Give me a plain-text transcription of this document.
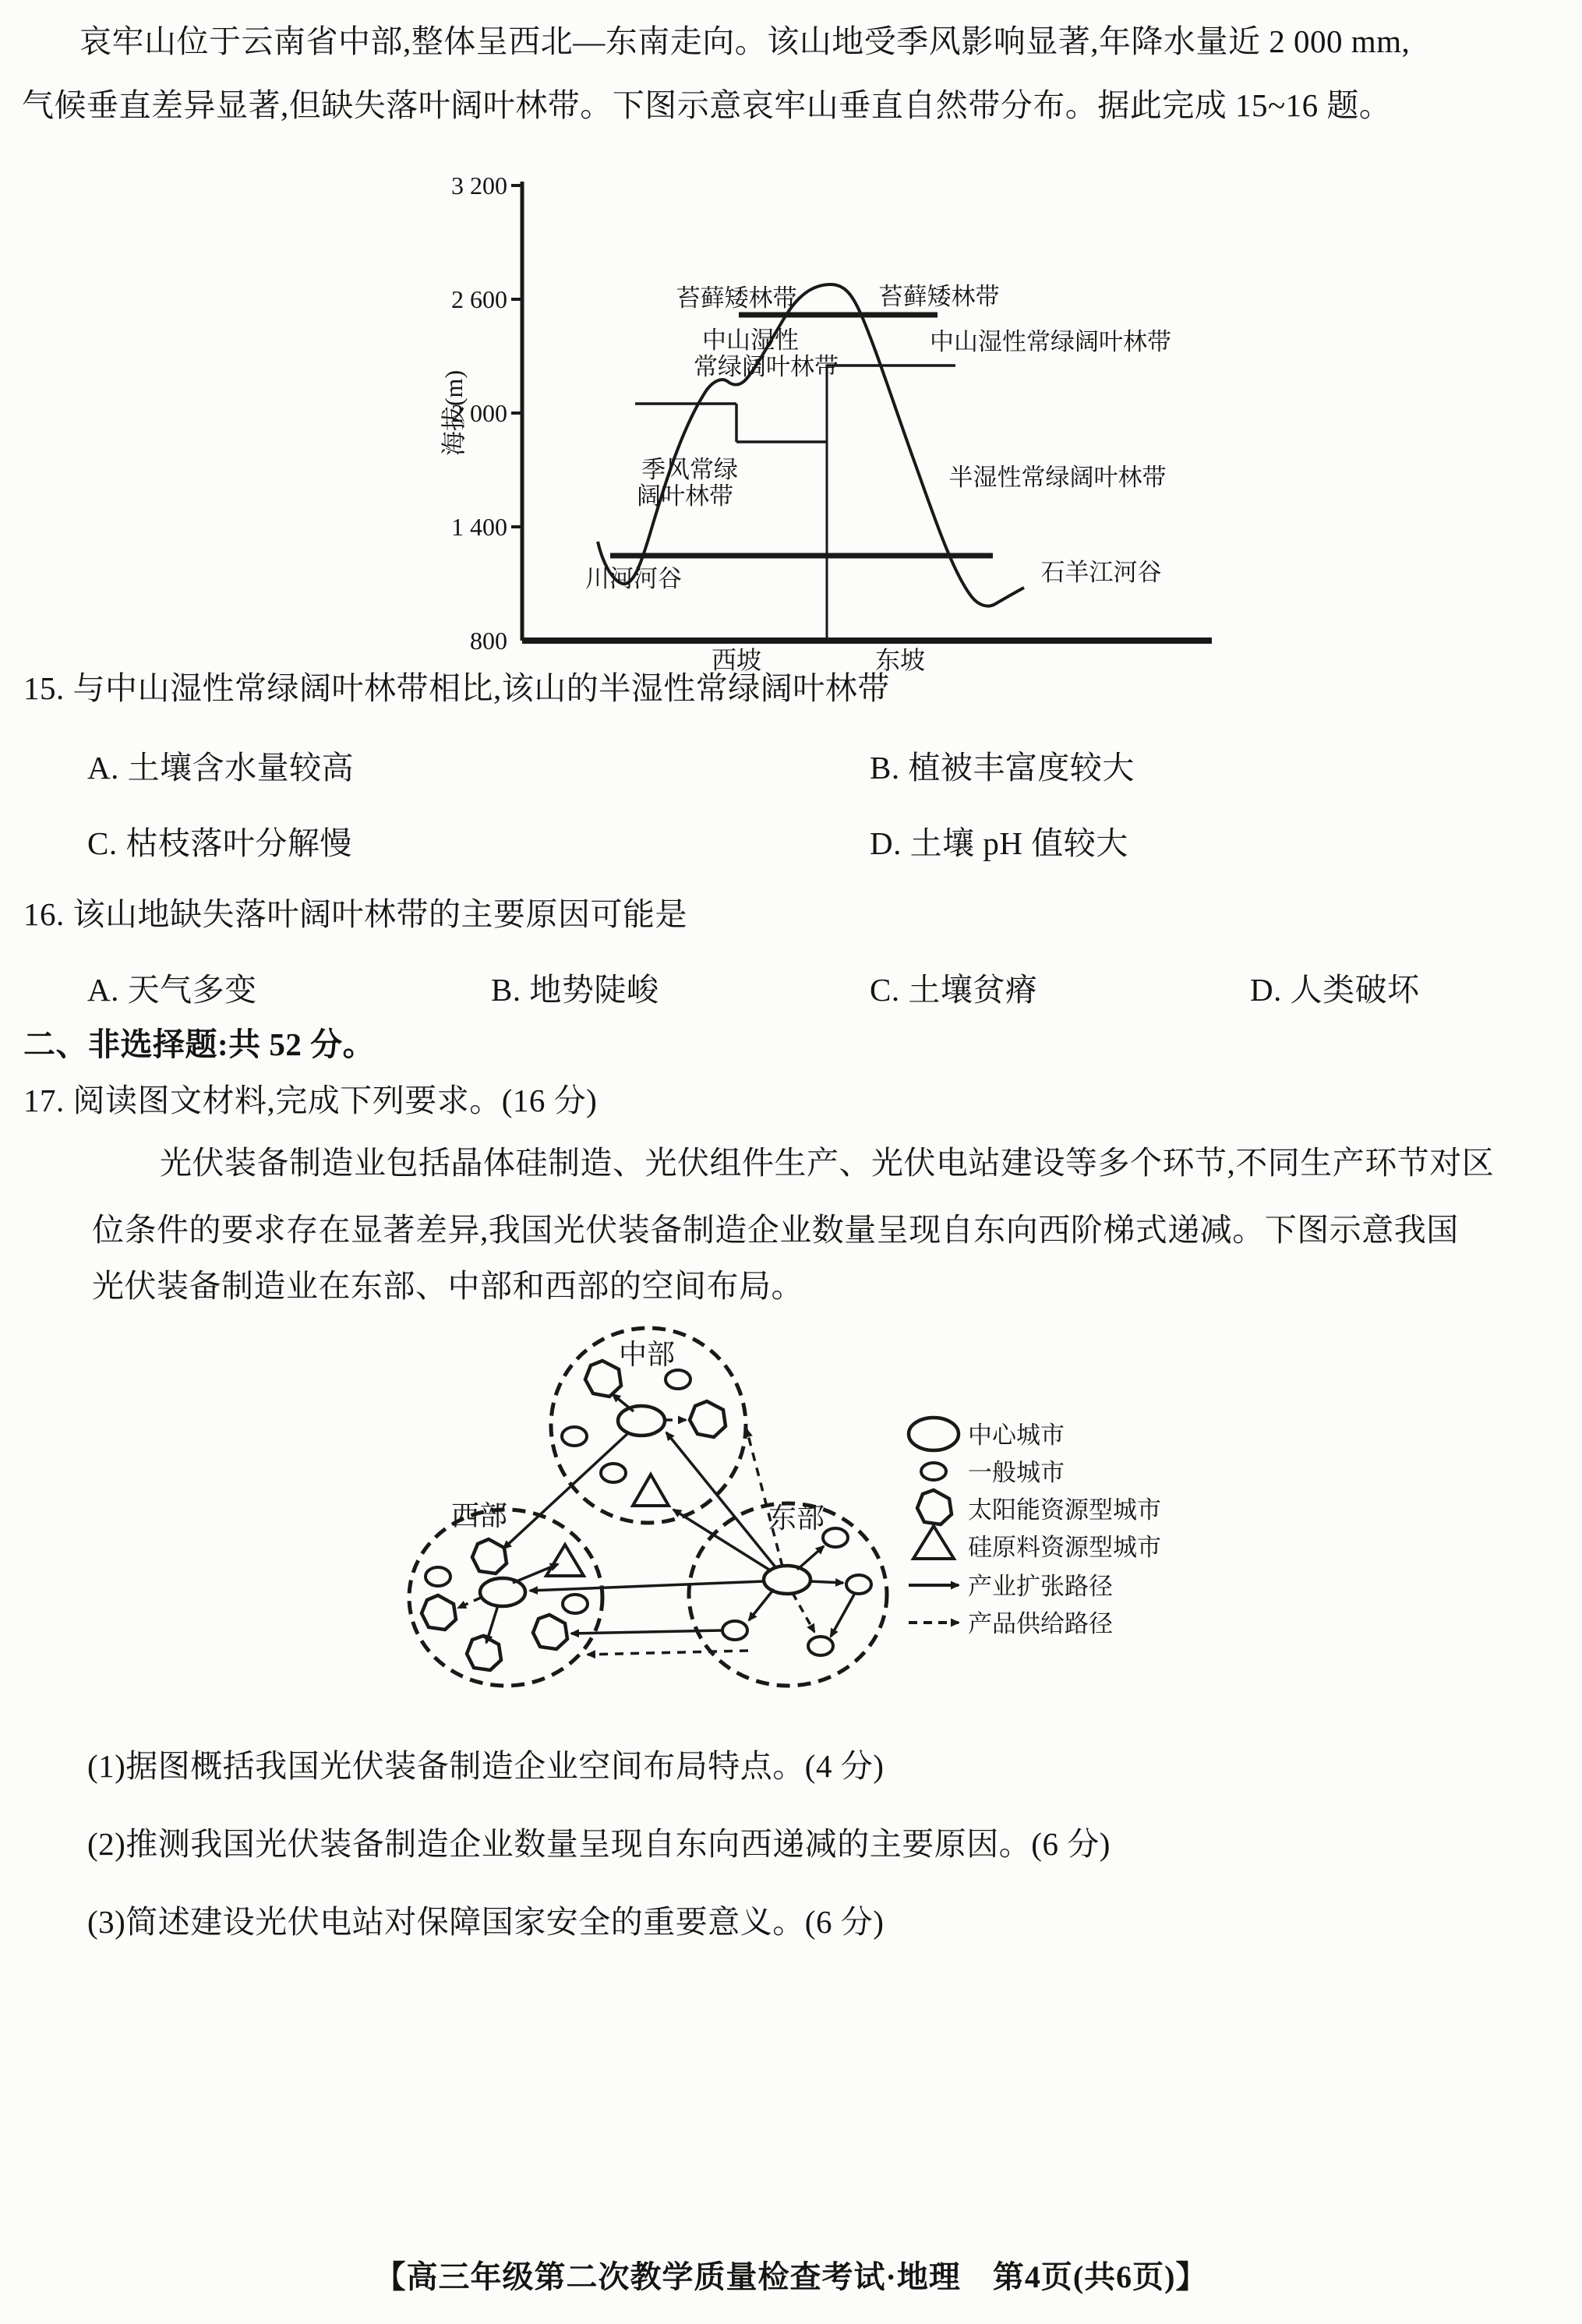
哀牢山位于云南省中部,整体呈西北—东南走向。该山地受季风影响显著,年降水量近 2 000 mm,
气候垂直差异显著,但缺失落叶阔叶林带。下图示意哀牢山垂直自然带分布。据此完成 15~16 题。
3 200
2 600
2 000
1 400
800
海拔(m)
苔藓矮林带	苔藓矮林带
中山湿性
常绿阔叶林带
中山湿性常绿阔叶林带
季风常绿
阔叶林带
半湿性常绿阔叶林带
川河河谷	石羊江河谷
西坡	东坡
15. 与中山湿性常绿阔叶林带相比,该山的半湿性常绿阔叶林带
A. 土壤含水量较高	B. 植被丰富度较大
C. 枯枝落叶分解慢	D. 土壤 pH 值较大
16. 该山地缺失落叶阔叶林带的主要原因可能是
A. 天气多变	B. 地势陡峻	C. 土壤贫瘠	D. 人类破坏
二、非选择题:共 52 分。
17. 阅读图文材料,完成下列要求。(16 分)
光伏装备制造业包括晶体硅制造、光伏组件生产、光伏电站建设等多个环节,不同生产环节对区
位条件的要求存在显著差异,我国光伏装备制造企业数量呈现自东向西阶梯式递减。下图示意我国
光伏装备制造业在东部、中部和西部的空间布局。
中部
西部	东部
中心城市
一般城市
太阳能资源型城市
硅原料资源型城市
产业扩张路径
产品供给路径
(1)据图概括我国光伏装备制造企业空间布局特点。(4 分)
(2)推测我国光伏装备制造企业数量呈现自东向西递减的主要原因。(6 分)
(3)简述建设光伏电站对保障国家安全的重要意义。(6 分)
【高三年级第二次教学质量检查考试·地理　第4页(共6页)】
